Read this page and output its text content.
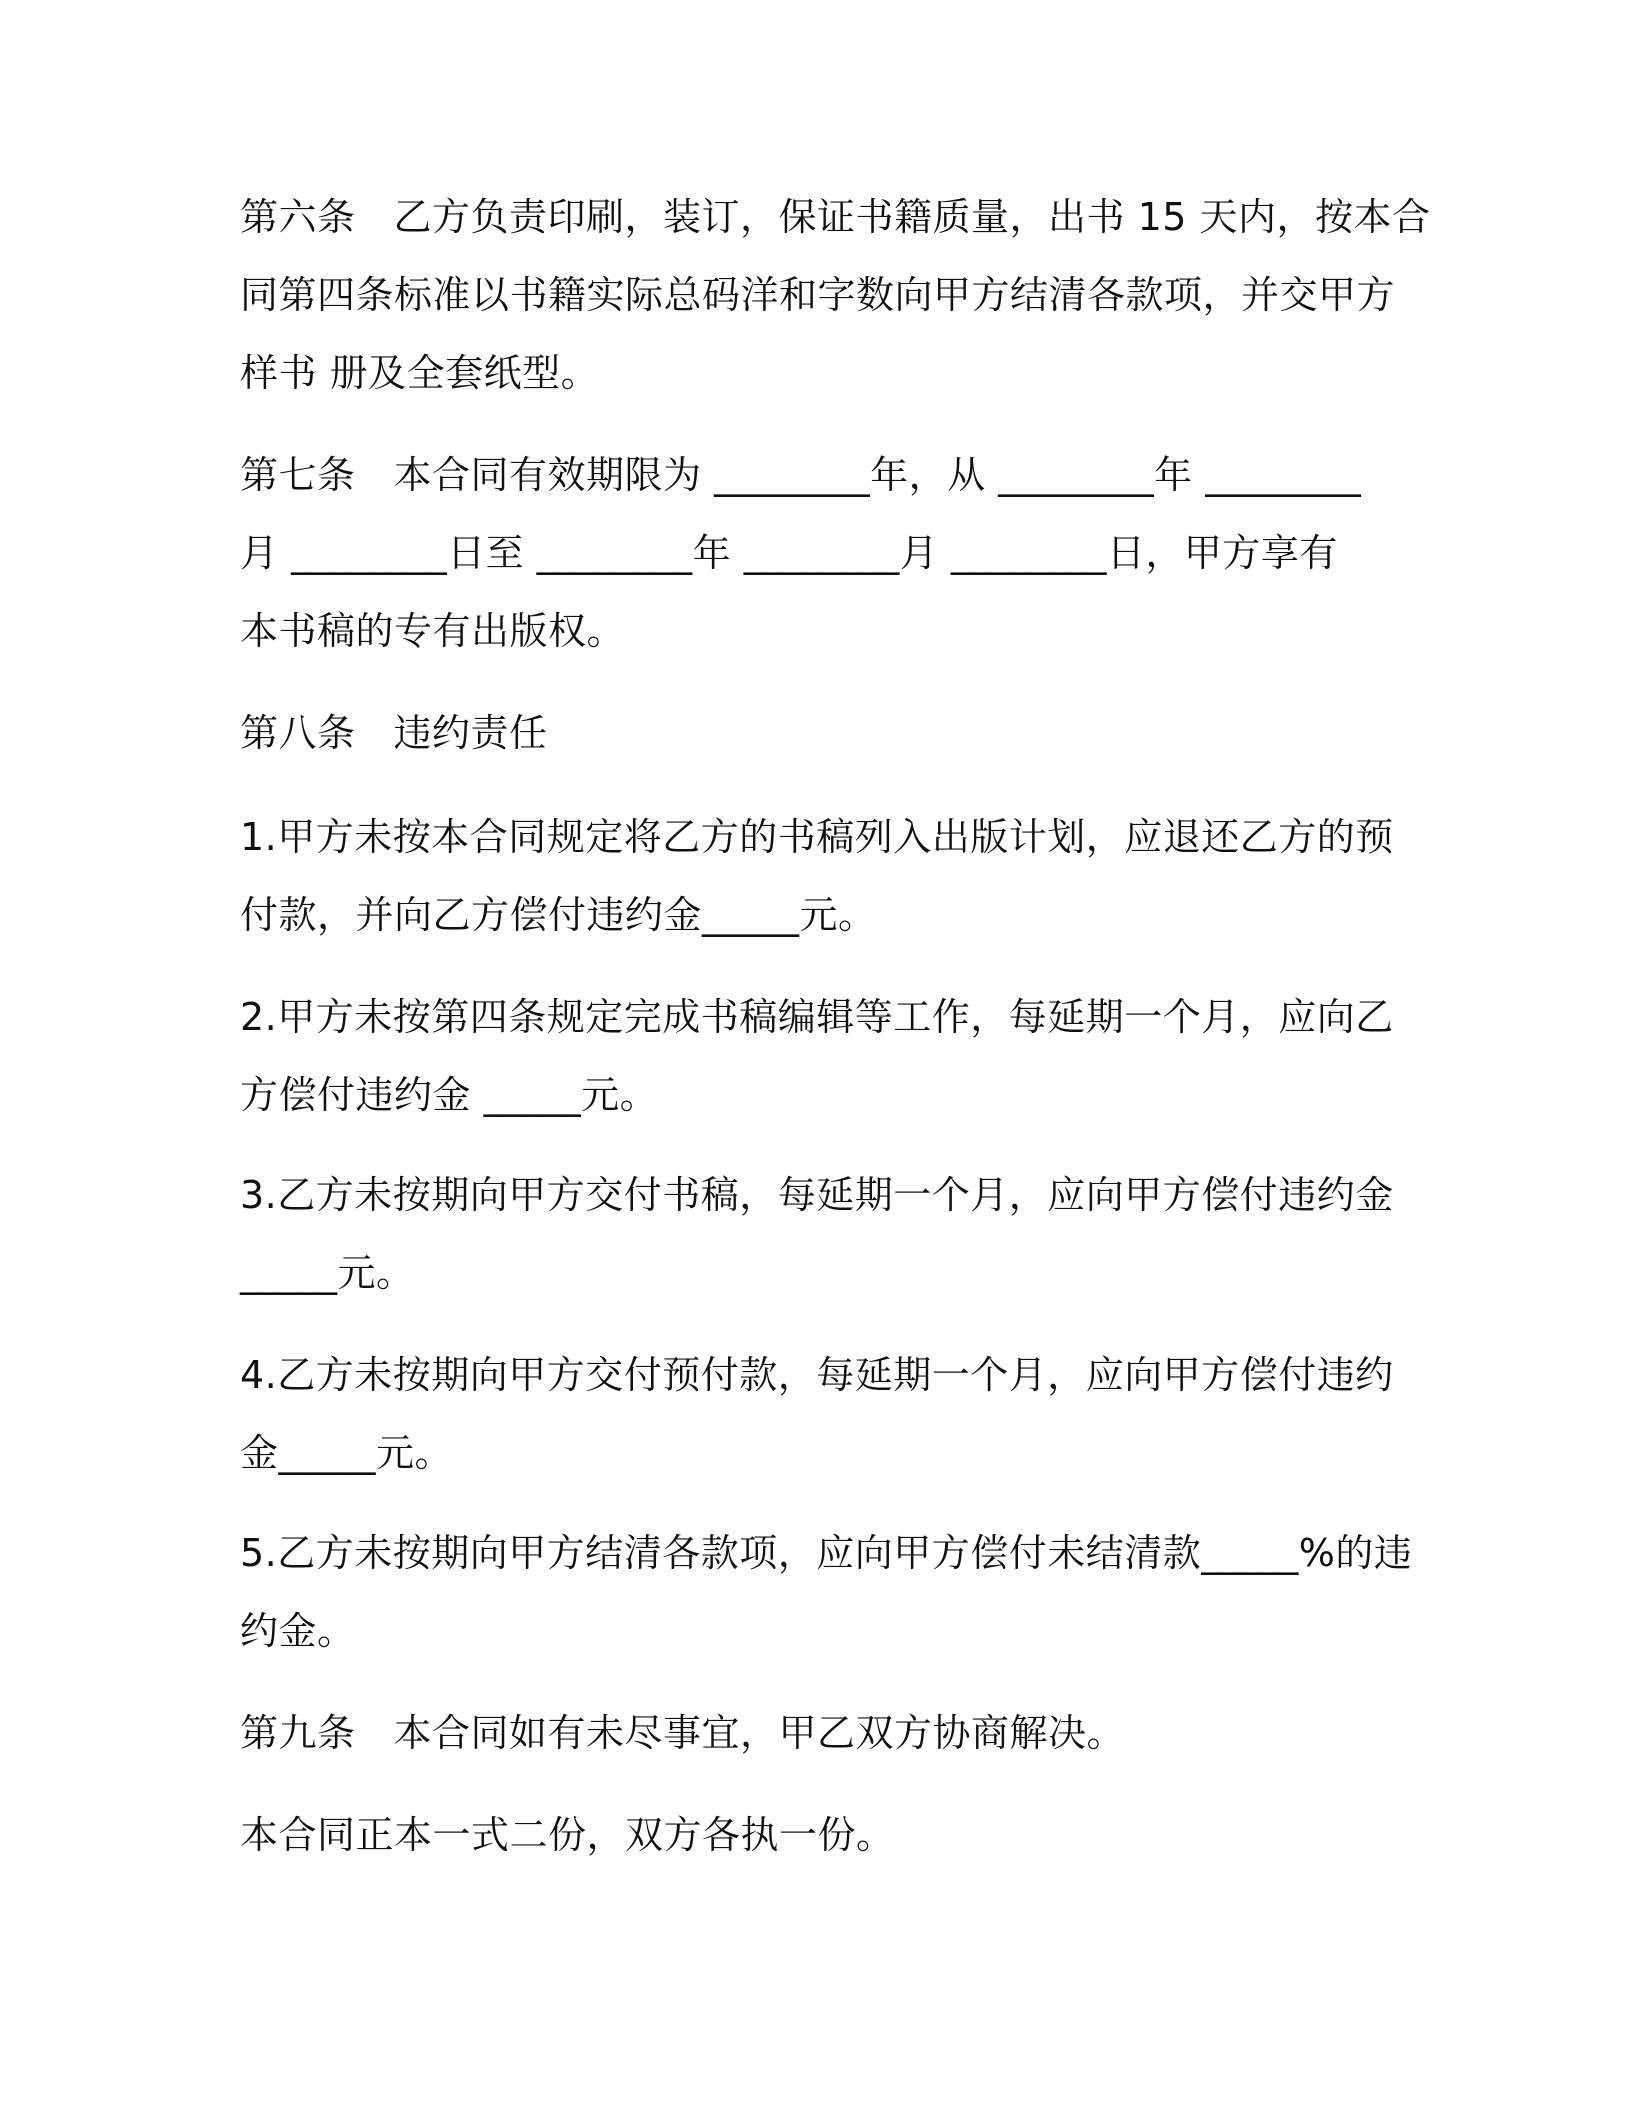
第六条 乙方负责印刷，装订，保证书籍质量，出书 15 天内，按本合
同第四条标准以书籍实际总码洋和字数向甲方结清各款项，并交甲方
样书 册及全套纸型。

第七条 本合同有效期限为 ________年，从 ________年 ________
月 ________日至 ________年 ________月 ________日，甲方享有
本书稿的专有出版权。

第八条 违约责任

1.甲方未按本合同规定将乙方的书稿列入出版计划，应退还乙方的预
付款，并向乙方偿付违约金_____元。

2.甲方未按第四条规定完成书稿编辑等工作，每延期一个月，应向乙
方偿付违约金 _____元。

3.乙方未按期向甲方交付书稿，每延期一个月，应向甲方偿付违约金
_____元。

4.乙方未按期向甲方交付预付款，每延期一个月，应向甲方偿付违约
金_____元。

5.乙方未按期向甲方结清各款项，应向甲方偿付未结清款_____%的违
约金。

第九条 本合同如有未尽事宜，甲乙双方协商解决。

本合同正本一式二份，双方各执一份。
